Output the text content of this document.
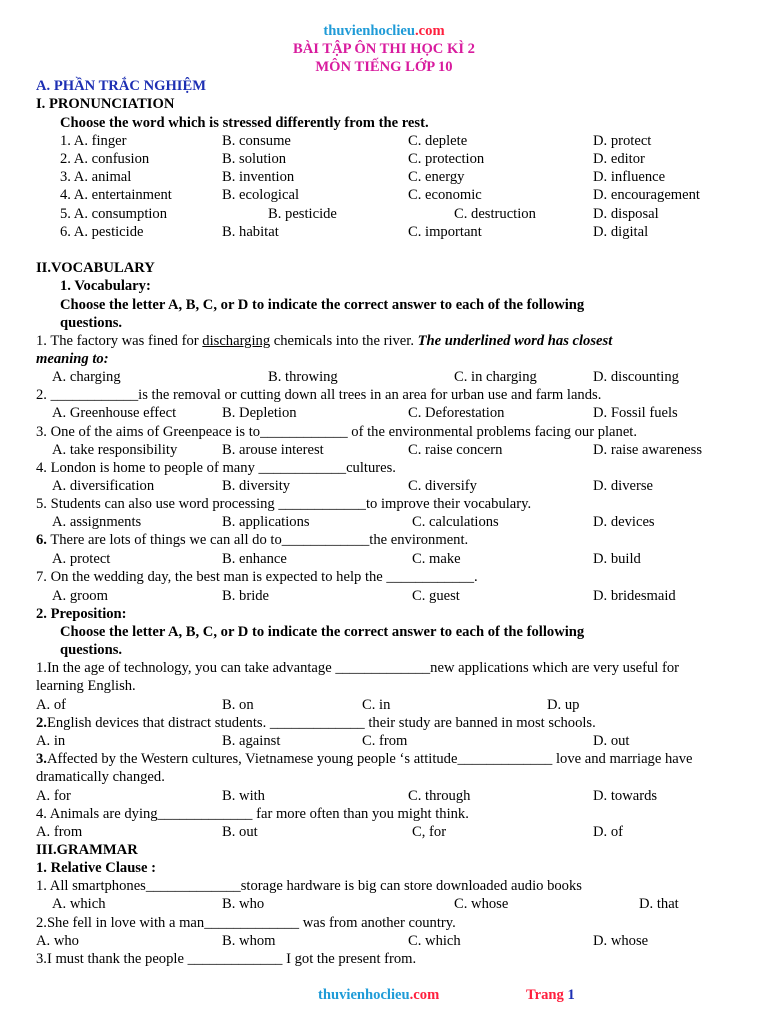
thuvienhoclieu.com
BÀI TẬP ÔN THI HỌC KÌ 2
MÔN TIẾNG LỚP 10
A. PHẦN TRẮC NGHIỆM
I. PRONUNCIATION
Choose the word which is stressed differently from the rest.
1. A. finger	B. consume	C. deplete	D. protect
2. A. confusion	B. solution	C. protection	D. editor
3. A. animal	B. invention	C. energy	D. influence
4. A. entertainment	B. ecological	C. economic	D. encouragement
5. A. consumption	B. pesticide	C. destruction	D. disposal
6. A. pesticide	B. habitat	C. important	D. digital
II.VOCABULARY
1. Vocabulary:
Choose the letter A, B, C, or D to indicate the correct answer to each of the following
questions.
1. The factory was fined for discharging chemicals into the river. The underlined word has closest
meaning to:
A. charging	B. throwing	C. in charging	D. discounting
2. ____________is the removal or cutting down all trees in an area for urban use and farm lands.
A. Greenhouse effect	B. Depletion	C. Deforestation	D. Fossil fuels
3. One of the aims of Greenpeace is to____________ of the environmental problems facing our planet.
A. take responsibility	B. arouse interest	C. raise concern	D. raise awareness
4. London is home to people of many ____________cultures.
A. diversification	B. diversity	C. diversify	D. diverse
5. Students can also use word processing ____________to improve their vocabulary.
A. assignments	B. applications	C. calculations	D. devices
6. There are lots of things we can all do to____________the environment.
A. protect	B. enhance	C. make	D. build
7. On the wedding day, the best man is expected to help the ____________.
A. groom	B. bride	C. guest	D. bridesmaid
2. Preposition:
Choose the letter A, B, C, or D to indicate the correct answer to each of the following
questions.
1.In the age of technology, you can take advantage _____________new applications which are very useful for
learning English.
A. of	B. on	C. in	D. up
2.English devices that distract students. _____________ their study are banned in most schools.
A. in	B. against	C. from	D. out
3.Affected by the Western cultures, Vietnamese young people ‘s attitude_____________ love and marriage have
dramatically changed.
A. for	B. with	C. through	D. towards
4. Animals are dying_____________ far more often than you might think.
A. from	B. out	C, for	D. of
III.GRAMMAR
1. Relative Clause :
1. All smartphones_____________storage hardware is big can store downloaded audio books
A. which	B. who	C. whose	D. that
2.She fell in love with a man_____________ was from another country.
A. who	B. whom	C. which	D. whose
3.I must thank the people _____________ I got the present from.
thuvienhoclieu.com	Trang 1
